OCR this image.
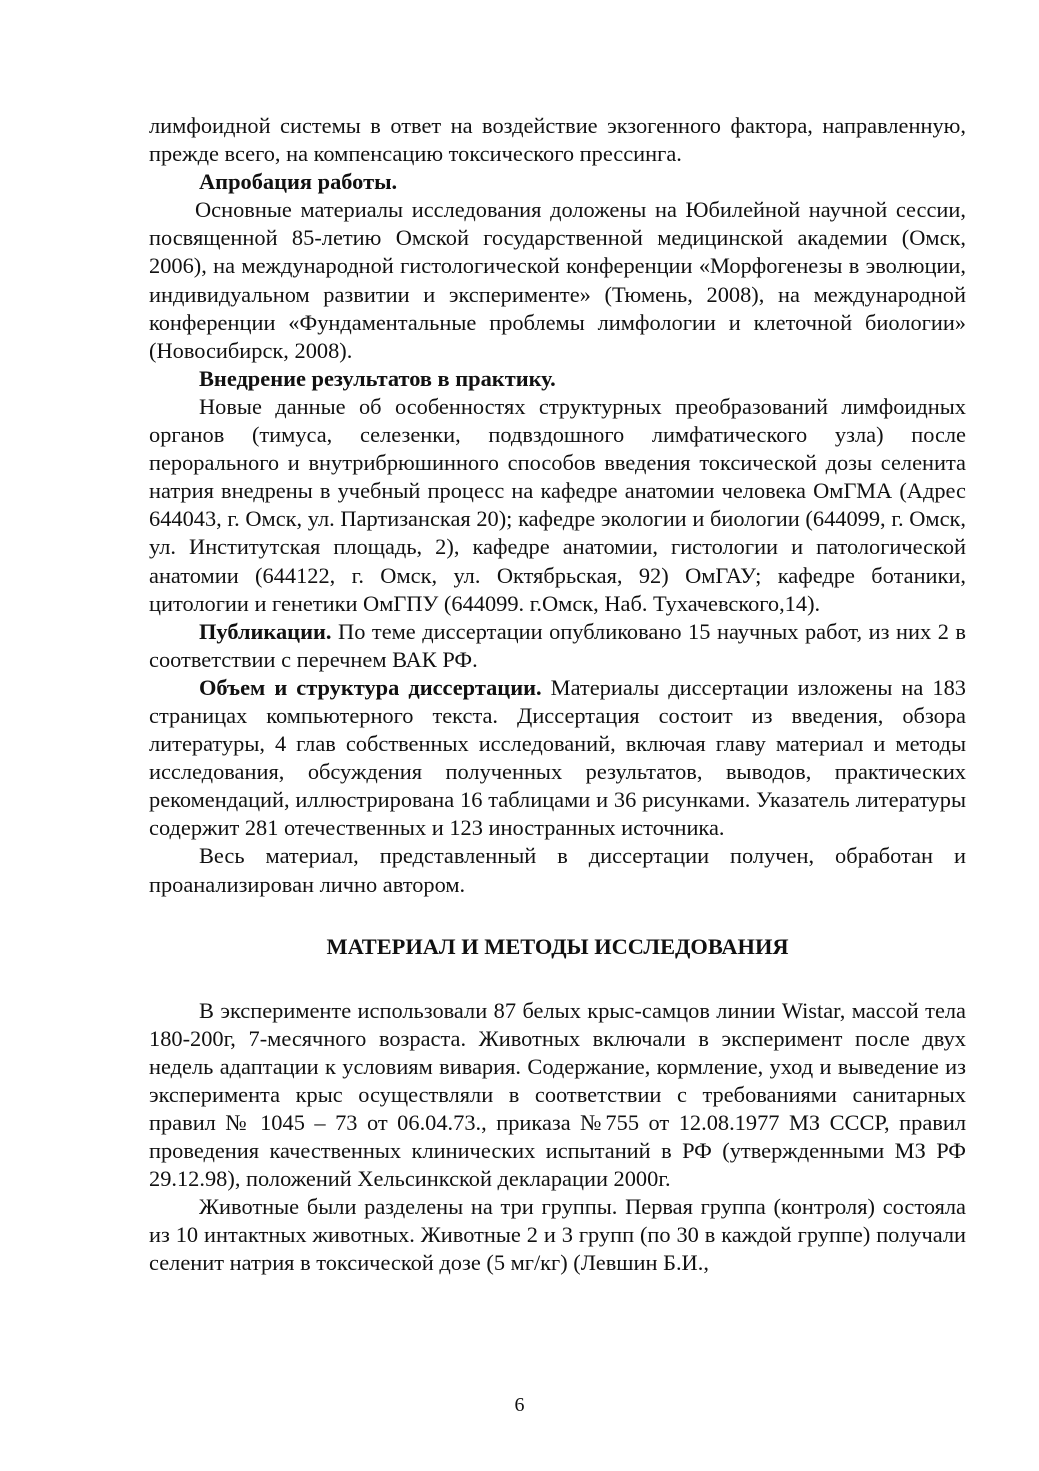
лимфоидной системы в ответ на воздействие экзогенного фактора, направленную, прежде всего, на компенсацию токсического прессинга.

Апробация работы.

Основные материалы исследования доложены на Юбилейной научной сессии, посвященной 85-летию Омской государственной медицинской академии (Омск, 2006), на международной гистологической конференции «Морфогенезы в эволюции, индивидуальном развитии и эксперименте» (Тюмень, 2008), на международной конференции «Фундаментальные проблемы лимфологии и клеточной биологии» (Новосибирск, 2008).

Внедрение результатов в практику.

Новые данные об особенностях структурных преобразований лимфоидных органов (тимуса, селезенки, подвздошного лимфатического узла) после перорального и внутрибрюшинного способов введения токсической дозы селенита натрия внедрены в учебный процесс на кафедре анатомии человека ОмГМА (Адрес 644043, г. Омск, ул. Партизанская 20); кафедре экологии и биологии (644099, г. Омск, ул. Институтская площадь, 2), кафедре анатомии, гистологии и патологической анатомии (644122, г. Омск, ул. Октябрьская, 92) ОмГАУ; кафедре ботаники, цитологии и генетики ОмГПУ (644099. г.Омск, Наб. Тухачевского,14).

Публикации. По теме диссертации опубликовано 15 научных работ, из них 2 в соответствии с перечнем ВАК РФ.

Объем и структура диссертации. Материалы диссертации изложены на 183 страницах компьютерного текста. Диссертация состоит из введения, обзора литературы, 4 глав собственных исследований, включая главу материал и методы исследования, обсуждения полученных результатов, выводов, практических рекомендаций, иллюстрирована 16 таблицами и 36 рисунками. Указатель литературы содержит 281 отечественных и 123 иностранных источника.

Весь материал, представленный в диссертации получен, обработан и проанализирован лично автором.

МАТЕРИАЛ И МЕТОДЫ ИССЛЕДОВАНИЯ

В эксперименте использовали 87 белых крыс-самцов линии Wistar, массой тела 180-200г, 7-месячного возраста. Животных включали в эксперимент после двух недель адаптации к условиям вивария. Содержание, кормление, уход и выведение из эксперимента крыс осуществляли в соответствии с требованиями санитарных правил № 1045 – 73 от 06.04.73., приказа №755 от 12.08.1977 МЗ СССР, правил проведения качественных клинических испытаний в РФ (утвержденными МЗ РФ 29.12.98), положений Хельсинкской декларации 2000г.

Животные были разделены на три группы. Первая группа (контроля) состояла из 10 интактных животных. Животные 2 и 3 групп (по 30 в каждой группе) получали селенит натрия в токсической дозе (5 мг/кг) (Левшин Б.И.,

6
